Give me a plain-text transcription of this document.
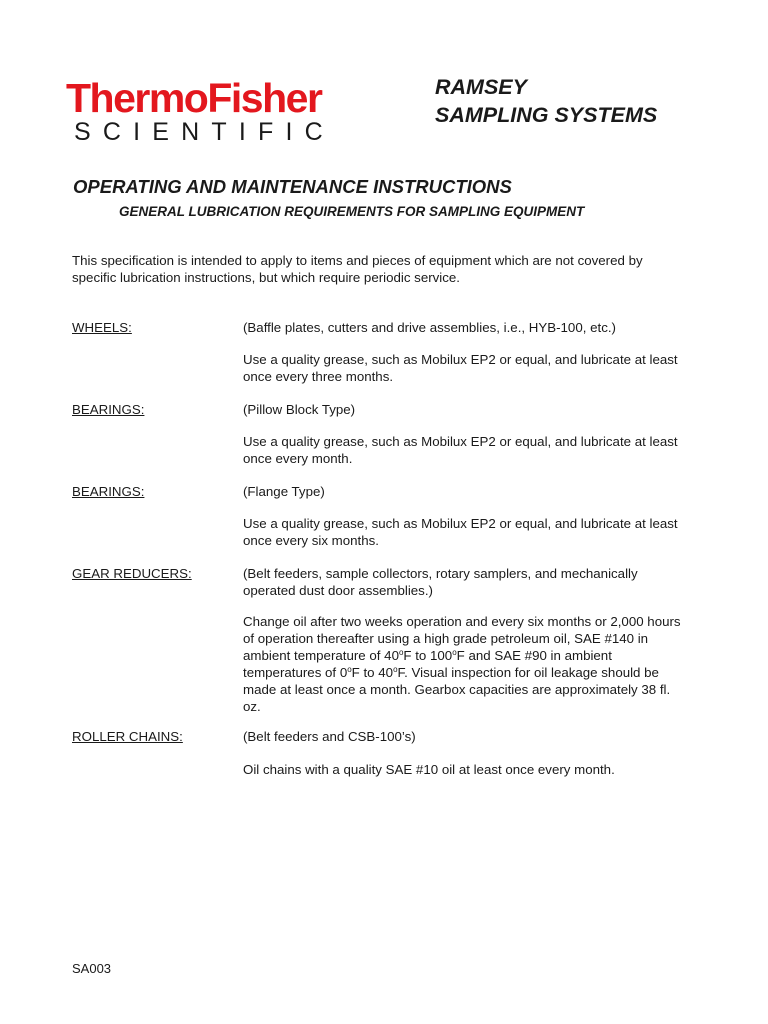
ThermoFisher
SCIENTIFIC
RAMSEY
SAMPLING SYSTEMS
OPERATING AND MAINTENANCE INSTRUCTIONS
GENERAL LUBRICATION REQUIREMENTS FOR SAMPLING EQUIPMENT
This specification is intended to apply to items and pieces of equipment which are not covered by specific lubrication instructions, but which require periodic service.
WHEELS:	(Baffle plates, cutters and drive assemblies, i.e., HYB-100, etc.)
Use a quality grease, such as Mobilux EP2 or equal, and lubricate at least once every three months.
BEARINGS:	(Pillow Block Type)
Use a quality grease, such as Mobilux EP2 or equal, and lubricate at least once every month.
BEARINGS:	(Flange Type)
Use a quality grease, such as Mobilux EP2 or equal, and lubricate at least once every six months.
GEAR REDUCERS:	(Belt feeders, sample collectors, rotary samplers, and mechanically operated dust door assemblies.)
Change oil after two weeks operation and every six months or 2,000 hours of operation thereafter using a high grade petroleum oil, SAE #140 in ambient temperature of 40$^o$F to 100$^o$F and SAE #90 in ambient temperatures of 0$^o$F to 40$^o$F. Visual inspection for oil leakage should be made at least once a month. Gearbox capacities are approximately 38 fl. oz.
ROLLER CHAINS:	(Belt feeders and CSB-100’s)
Oil chains with a quality SAE #10 oil at least once every month.
SA003
